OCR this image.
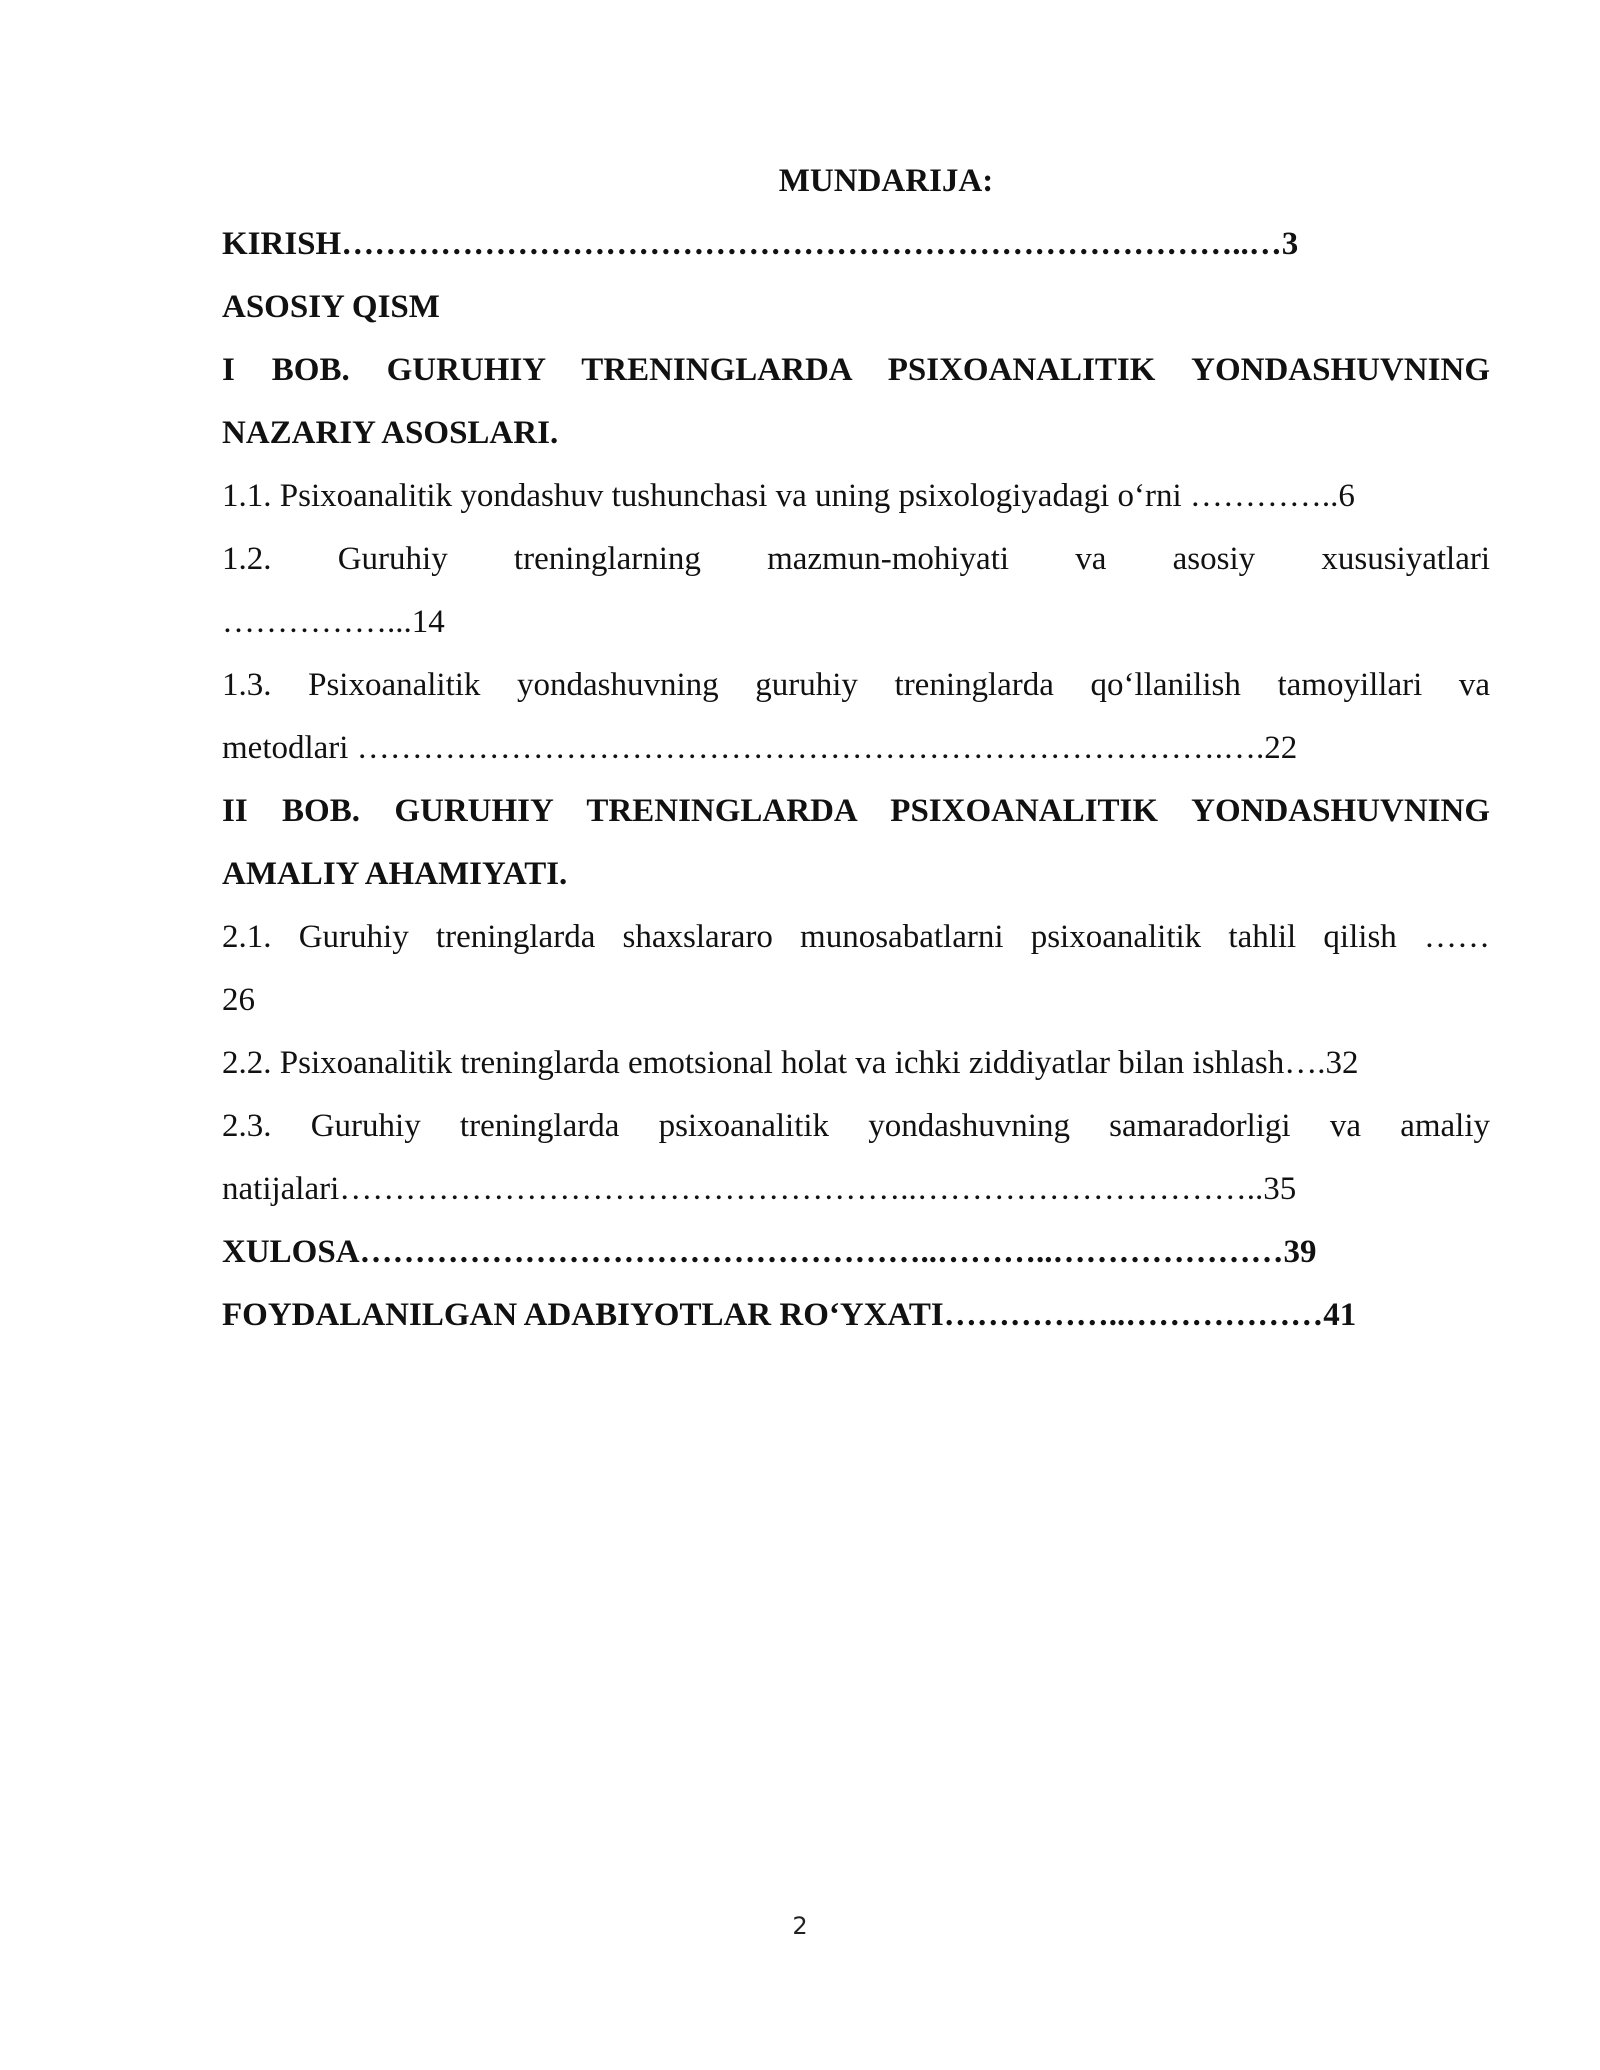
MUNDARIJA:
KIRISH………………………………………………………………………..…3
ASOSIY QISM
I BOB. GURUHIY TRENINGLARDA PSIXOANALITIK YONDASHUVNING
NAZARIY ASOSLARI.
1.1. Psixoanalitik yondashuv tushunchasi va uning psixologiyadagi o‘rni …………..6
1.2. Guruhiy treninglarning mazmun-mohiyati va asosiy xususiyatlari
……………...14
1.3. Psixoanalitik yondashuvning guruhiy treninglarda qo‘llanilish tamoyillari va
metodlari …………………………………………………………………….….22
II BOB. GURUHIY TRENINGLARDA PSIXOANALITIK YONDASHUVNING
AMALIY AHAMIYATI.
2.1. Guruhiy treninglarda shaxslararo munosabatlarni psixoanalitik tahlil qilish ……
26
2.2. Psixoanalitik treninglarda emotsional holat va ichki ziddiyatlar bilan ishlash….32
2.3. Guruhiy treninglarda psixoanalitik yondashuvning samaradorligi va amaliy
natijalari……………………………………………..…………………………..35
XULOSA……………………………………………..………..…………………39
FOYDALANILGAN ADABIYOTLAR RO‘YXATI……………..………………41
2
